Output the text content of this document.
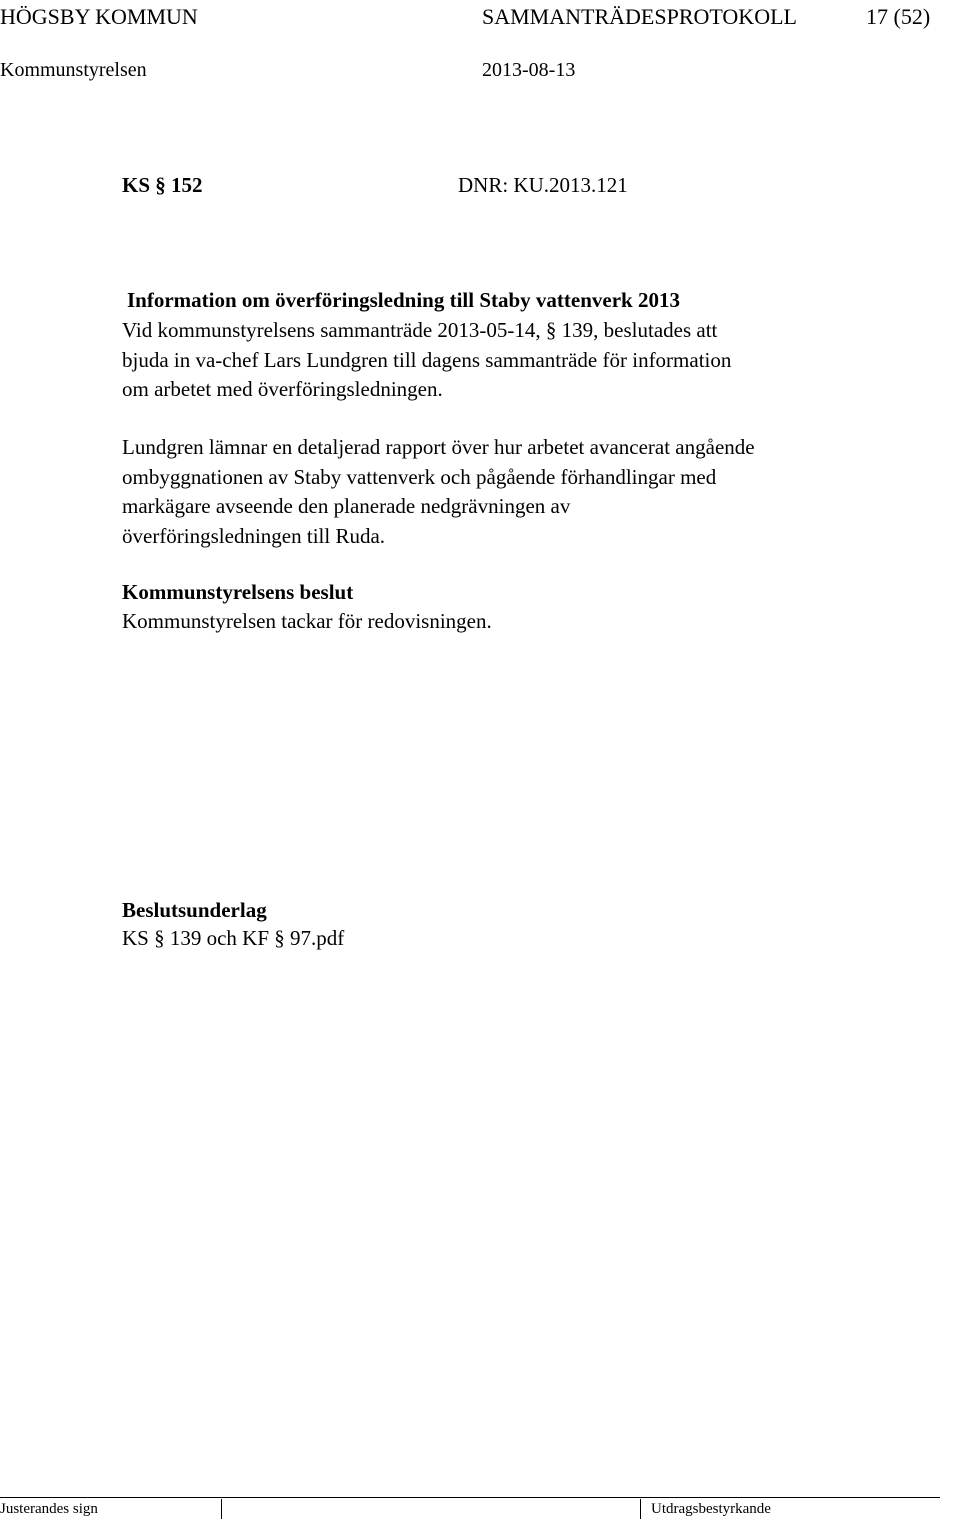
HÖGSBY KOMMUN	SAMMANTRÄDESPROTOKOLL	17 (52)
Kommunstyrelsen	2013-08-13
KS § 152	DNR: KU.2013.121
Information om överföringsledning till Staby vattenverk 2013
Vid kommunstyrelsens sammanträde 2013-05-14, § 139, beslutades att
bjuda in va-chef Lars Lundgren till dagens sammanträde för information
om arbetet med överföringsledningen.
Lundgren lämnar en detaljerad rapport över hur arbetet avancerat angående
ombyggnationen av Staby vattenverk och pågående förhandlingar med
markägare avseende den planerade nedgrävningen av
överföringsledningen till Ruda.
Kommunstyrelsens beslut
Kommunstyrelsen tackar för redovisningen.
Beslutsunderlag
KS § 139 och KF § 97.pdf
Justerandes sign	Utdragsbestyrkande
